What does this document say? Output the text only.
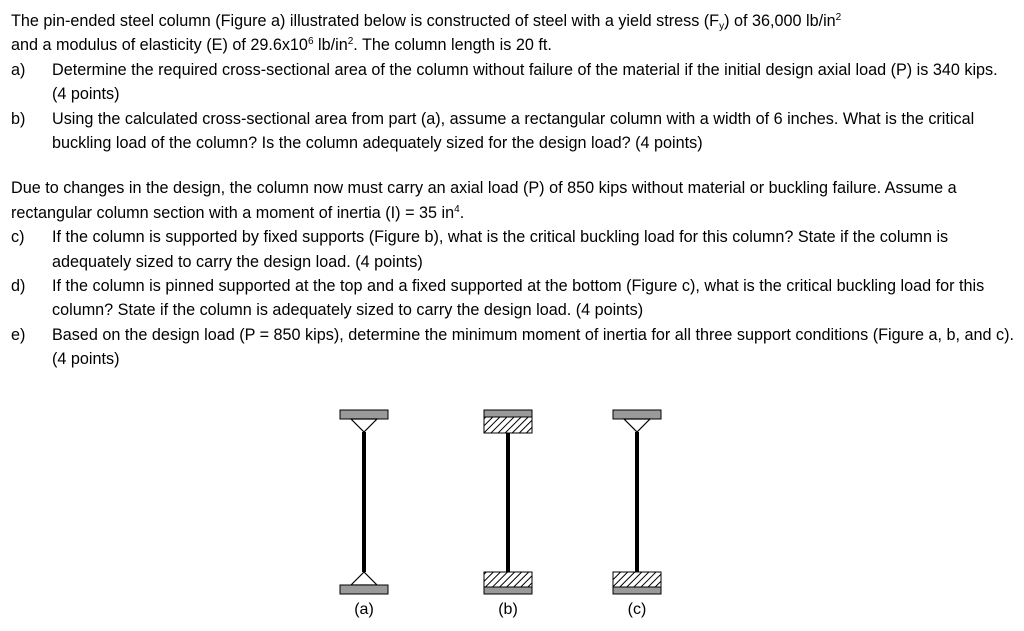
The pin-ended steel column (Figure a) illustrated below is constructed of steel with a yield stress $(F_y)$ of 36,000 $lb/in^2$
and a modulus of elasticity (E) of $29.6x10^6$ $lb/in^2$. The column length is 20 ft.

a)	Determine the required cross-sectional area of the column without failure of the material if the initial design axial load (P) is 340 kips. (4 points)
b)	Using the calculated cross-sectional area from part (a), assume a rectangular column with a width of 6 inches. What is the critical buckling load of the column? Is the column adequately sized for the design load? (4 points)

Due to changes in the design, the column now must carry an axial load (P) of 850 kips without material or buckling failure. Assume a rectangular column section with a moment of inertia (I) = 35 $in^4$.

c)	If the column is supported by fixed supports (Figure b), what is the critical buckling load for this column? State if the column is adequately sized to carry the design load. (4 points)
d)	If the column is pinned supported at the top and a fixed supported at the bottom (Figure c), what is the critical buckling load for this column? State if the column is adequately sized to carry the design load. (4 points)
e)	Based on the design load (P = 850 kips), determine the minimum moment of inertia for all three support conditions (Figure a, b, and c). (4 points)
(a)	(b)	(c)
